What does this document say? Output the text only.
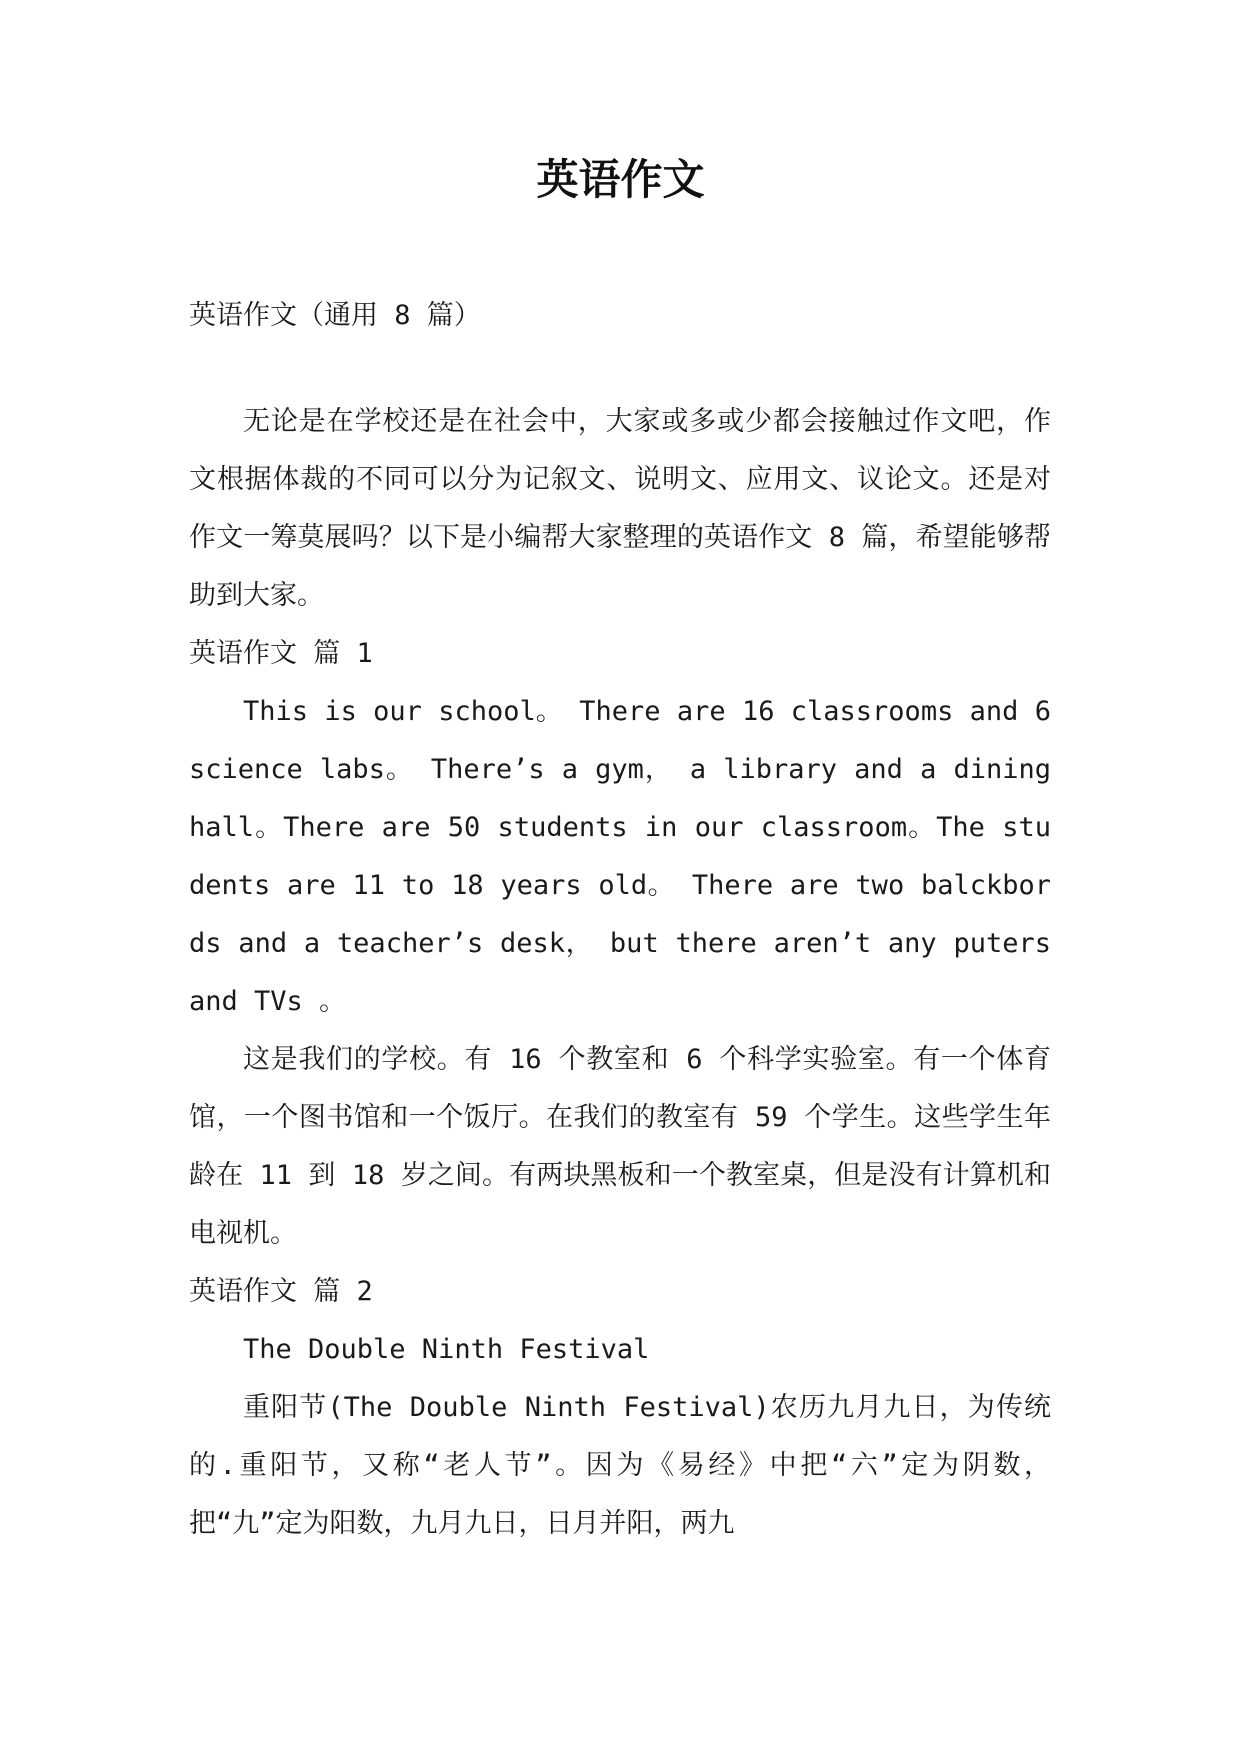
英语作文

英语作文（通用 8 篇）

无论是在学校还是在社会中，大家或多或少都会接触过作文吧，作文根据体裁的不同可以分为记叙文、说明文、应用文、议论文。还是对作文一筹莫展吗？以下是小编帮大家整理的英语作文 8 篇，希望能够帮助到大家。

英语作文 篇 1

This is our school。 There are 16 classrooms and 6 science labs。 There’s a gym， a library and a dining hall。There are 50 students in our classroom。The students are 11 to 18 years old。 There are two balckbords and a teacher’s desk， but there aren’t any puters and TVs 。

这是我们的学校。有 16 个教室和 6 个科学实验室。有一个体育馆，一个图书馆和一个饭厅。在我们的教室有 59 个学生。这些学生年龄在 11 到 18 岁之间。有两块黑板和一个教室桌，但是没有计算机和电视机。

英语作文 篇 2

The Double Ninth Festival

重阳节(The Double Ninth Festival)农历九月九日，为传统的.重阳节，又称“老人节”。因为《易经》中把“六”定为阴数，把“九”定为阳数，九月九日，日月并阳，两九
